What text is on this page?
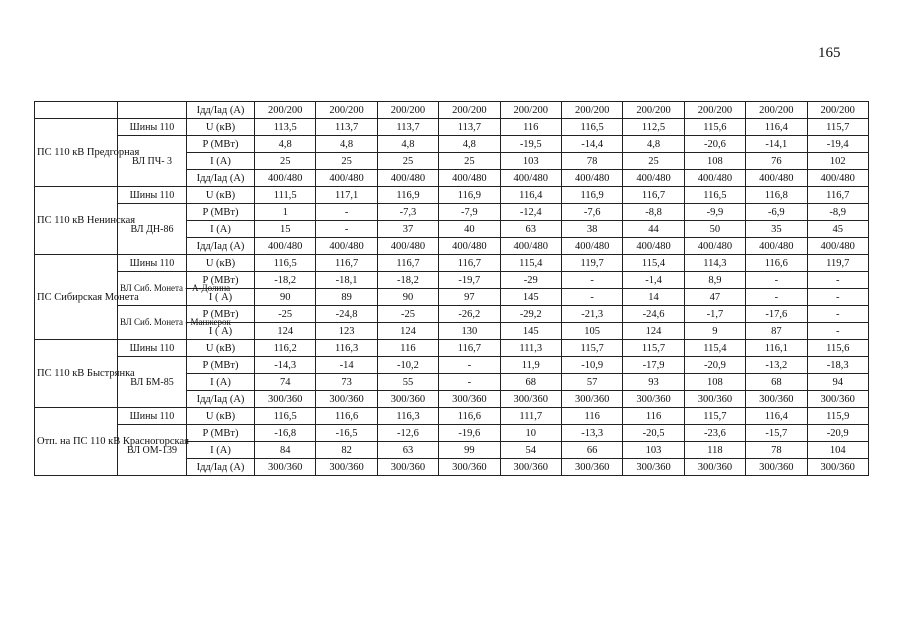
165
		Iдд/Iад (А)	200/200	200/200	200/200	200/200	200/200	200/200	200/200	200/200	200/200	200/200
ПС 110 кВ Предгорная	Шины 110	U (кВ)	113,5	113,7	113,7	113,7	116	116,5	112,5	115,6	116,4	115,7
	ВЛ ПЧ- 3	P (МВт)	4,8	4,8	4,8	4,8	-19,5	-14,4	4,8	-20,6	-14,1	-19,4
		I (А)	25	25	25	25	103	78	25	108	76	102
		Iдд/Iад (А)	400/480	400/480	400/480	400/480	400/480	400/480	400/480	400/480	400/480	400/480
ПС 110 кВ Ненинская	Шины 110	U (кВ)	111,5	117,1	116,9	116,9	116,4	116,9	116,7	116,5	116,8	116,7
	ВЛ ДН-86	P (МВт)	1	-	-7,3	-7,9	-12,4	-7,6	-8,8	-9,9	-6,9	-8,9
		I (А)	15	-	37	40	63	38	44	50	35	45
		Iдд/Iад (А)	400/480	400/480	400/480	400/480	400/480	400/480	400/480	400/480	400/480	400/480
ПС Сибирская Монета	Шины 110	U (кВ)	116,5	116,7	116,7	116,7	115,4	119,7	115,4	114,3	116,6	119,7
	ВЛ Сиб. Монета – А-Долина	P (МВт)	-18,2	-18,1	-18,2	-19,7	-29	-	-1,4	8,9	-	-
		I ( А)	90	89	90	97	145	-	14	47	-	-
	ВЛ Сиб. Монета - Манжерок	P (МВт)	-25	-24,8	-25	-26,2	-29,2	-21,3	-24,6	-1,7	-17,6	-
		I ( А)	124	123	124	130	145	105	124	9	87	-
ПС 110 кВ Быстрянка	Шины 110	U (кВ)	116,2	116,3	116	116,7	111,3	115,7	115,7	115,4	116,1	115,6
	ВЛ БМ-85	P (МВт)	-14,3	-14	-10,2	-	11,9	-10,9	-17,9	-20,9	-13,2	-18,3
		I (А)	74	73	55	-	68	57	93	108	68	94
		Iдд/Iад (А)	300/360	300/360	300/360	300/360	300/360	300/360	300/360	300/360	300/360	300/360
Отп. на ПС 110 кВ Красногорская	Шины 110	U (кВ)	116,5	116,6	116,3	116,6	111,7	116	116	115,7	116,4	115,9
	ВЛ ОМ-139	P (МВт)	-16,8	-16,5	-12,6	-19,6	10	-13,3	-20,5	-23,6	-15,7	-20,9
		I (А)	84	82	63	99	54	66	103	118	78	104
		Iдд/Iад (А)	300/360	300/360	300/360	300/360	300/360	300/360	300/360	300/360	300/360	300/360
